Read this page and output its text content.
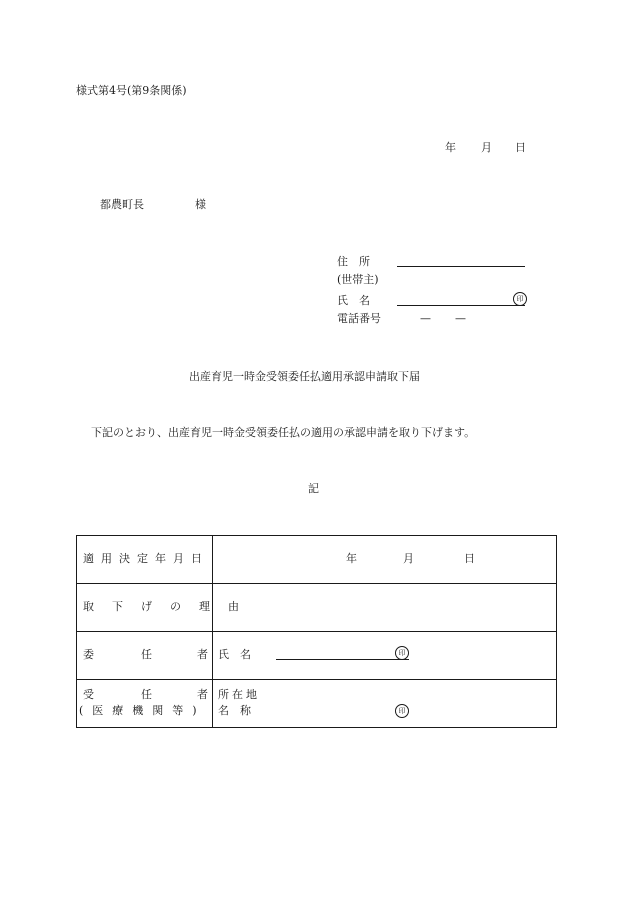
様式第4号(第9条関係)
年 月 日
都農町長	様
住　所
(世帯主)
氏　名	印
電話番号	— —
出産育児一時金受領委任払適用承認申請取下届
下記のとおり、出産育児一時金受領委任払の適用の承認申請を取り下げます。
記
適用決定年月日	年 月 日

取下げの理由	

委 任 者	氏　名 印

受 任 者
(医療機関等)	所在地
名　称 印
